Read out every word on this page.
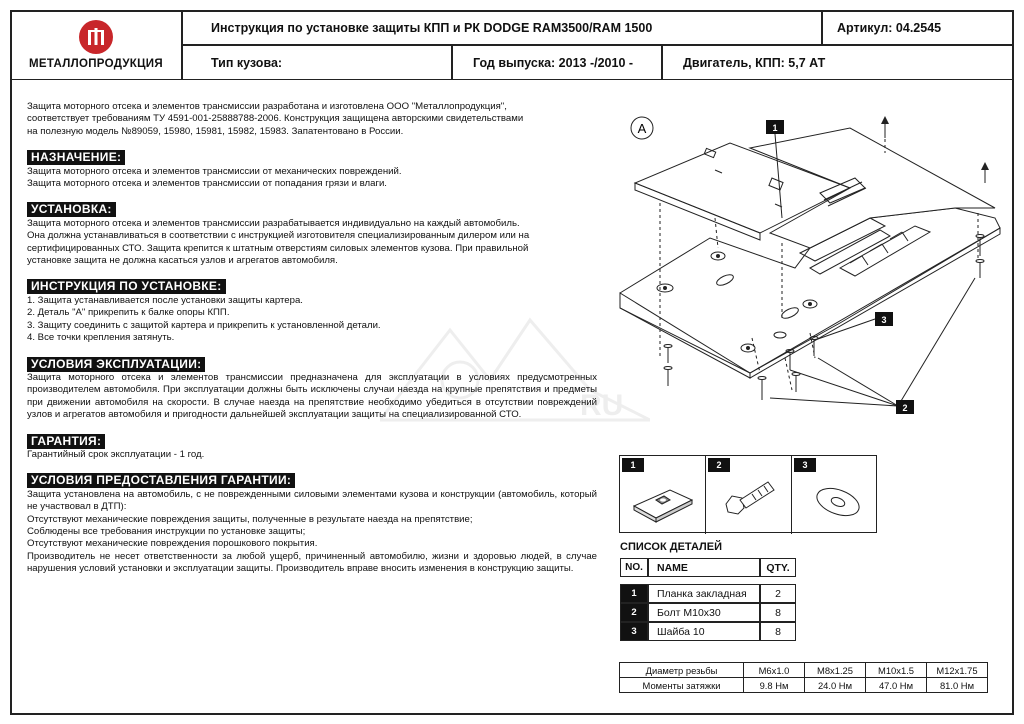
МЕТАЛЛОПРОДУКЦИЯ
Инструкция по установке защиты КПП и РК DODGE RAM3500/RAM 1500	Артикул: 04.2545
Тип кузова:	Год выпуска: 2013 -/2010 -	Двигатель, КПП: 5,7 АТ
RU

Защита моторного отсека и элементов трансмиссии разработана и изготовлена ООО "Металлопродукция",

соответствует требованиям ТУ 4591-001-25888788-2006. Конструкция защищена авторскими свидетельствами

на полезную модель №89059, 15980, 15981, 15982, 15983. Запатентовано в России.

НАЗНАЧЕНИЕ:

Защита моторного отсека и элементов трансмиссии от механических повреждений.

Защита моторного отсека и элементов трансмиссии от попадания грязи и влаги.

УСТАНОВКА:

Защита моторного отсека и элементов трансмиссии разрабатывается индивидуально на каждый автомобиль.

Она должна устанавливаться в соответствии с инструкцией изготовителя специализированным дилером или на

сертифицированных СТО. Защита крепится к штатным отверстиям силовых элементов кузова. При правильной

установке защита не должна касаться узлов и агрегатов автомобиля.

ИНСТРУКЦИЯ ПО УСТАНОВКЕ:

1. Защита устанавливается после установки защиты картера.

2. Деталь "А" прикрепить к балке опоры КПП.

3. Защиту соединить с защитой картера и прикрепить к установленной детали.

4. Все точки крепления затянуть.

УСЛОВИЯ ЭКСПЛУАТАЦИИ:

Защита моторного отсека и элементов трансмиссии предназначена для эксплуатации в условиях предусмотренных производителем автомобиля. При эксплуатации должны быть исключены случаи наезда на крупные препятствия и предметы при движении автомобиля на скорости. В случае наезда на препятствие необходимо убедиться в отсутствии повреждений узлов и агрегатов автомобиля и пригодности дальнейшей эксплуатации защиты на специализированной СТО.

ГАРАНТИЯ:

Гарантийный срок эксплуатации - 1 год.

УСЛОВИЯ ПРЕДОСТАВЛЕНИЯ ГАРАНТИИ:

Защита установлена на автомобиль, с не поврежденными силовыми элементами кузова и конструкции (автомобиль, который не участвовал в ДТП):

Отсутствуют механические повреждения защиты, полученные в результате наезда на препятствие;

Соблюдены все требования инструкции по установке защиты;

Отсутствуют механические повреждения порошкового покрытия.

Производитель не несет ответственности за любой ущерб, причиненный автомобилю, жизни и здоровью людей, в случае нарушения условий установки и эксплуатации защиты. Производитель вправе вносить изменения в конструкцию защиты.

A	1
3
2
1	2	3
СПИСОК ДЕТАЛЕЙ
NO.	NAME	QTY.

1	Планка закладная	2
2	Болт М10х30	8
3	Шайба 10	8
Диаметр резьбы	M6x1.0	M8x1.25	M10x1.5	M12x1.75
Моменты затяжки	9.8 Нм	24.0 Нм	47.0 Нм	81.0 Нм
